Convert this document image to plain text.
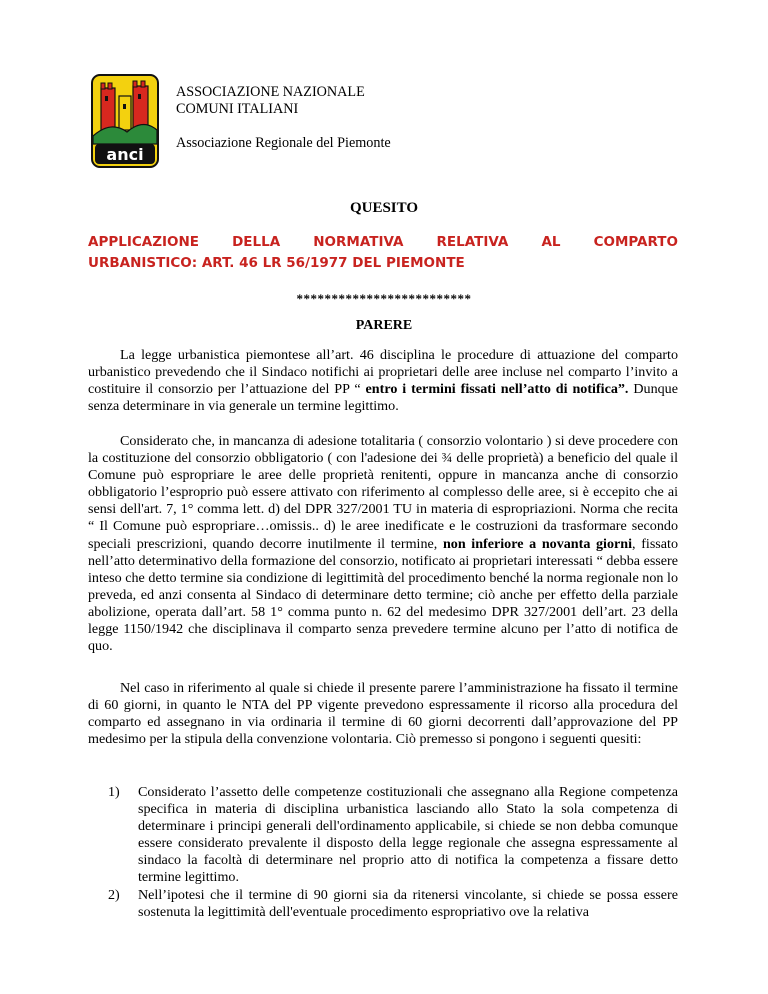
anci
ASSOCIAZIONE NAZIONALE
COMUNI ITALIANI
Associazione Regionale del Piemonte
QUESITO
APPLICAZIONE DELLA NORMATIVA RELATIVA AL COMPARTO
URBANISTICO: ART. 46 LR 56/1977 DEL PIEMONTE
*************************
PARERE

La legge urbanistica piemontese all’art. 46 disciplina le procedure di attuazione del comparto urbanistico prevedendo che il Sindaco notifichi ai proprietari delle aree incluse nel comparto l’invito a costituire il consorzio per l’attuazione del PP “ entro i termini fissati nell’atto di notifica”. Dunque senza determinare in via generale un termine legittimo.

Considerato che, in mancanza di adesione totalitaria ( consorzio volontario ) si deve procedere con la costituzione del consorzio obbligatorio ( con l'adesione dei ¾ delle proprietà) a beneficio del quale il Comune può espropriare le aree delle proprietà renitenti, oppure in mancanza anche di consorzio obbligatorio l’esproprio può essere attivato con riferimento al complesso delle aree, si è eccepito che ai sensi dell'art. 7, 1° comma lett. d) del DPR 327/2001 TU in materia di espropriazioni. Norma che recita “ Il Comune può espropriare…omissis.. d) le aree inedificate e le costruzioni da trasformare secondo speciali prescrizioni, quando decorre inutilmente il termine, non inferiore a novanta giorni, fissato nell’atto determinativo della formazione del consorzio, notificato ai proprietari interessati “ debba essere inteso che detto termine sia condizione di legittimità del procedimento benché la norma regionale non lo preveda, ed anzi consenta al Sindaco di determinare detto termine; ciò anche per effetto della parziale abolizione, operata dall’art. 58 1° comma punto n. 62 del medesimo DPR 327/2001 dell’art. 23 della legge 1150/1942 che disciplinava il comparto senza prevedere termine alcuno per l’atto di notifica de quo.

Nel caso in riferimento al quale si chiede il presente parere l’amministrazione ha fissato il termine di 60 giorni, in quanto le NTA del PP vigente prevedono espressamente il ricorso alla procedura del comparto ed assegnano in via ordinaria il termine di 60 giorni decorrenti dall’approvazione del PP medesimo per la stipula della convenzione volontaria. Ciò premesso si pongono i seguenti quesiti:

1) Considerato l’assetto delle competenze costituzionali che assegnano alla Regione competenza specifica in materia di disciplina urbanistica lasciando allo Stato la sola competenza di determinare i principi generali dell'ordinamento applicabile, si chiede se non debba comunque essere considerato prevalente il disposto della legge regionale che assegna espressamente al sindaco la facoltà di determinare nel proprio atto di notifica la competenza a fissare detto termine legittimo.
2) Nell’ipotesi che il termine di 90 giorni sia da ritenersi vincolante, si chiede se possa essere sostenuta la legittimità dell'eventuale procedimento espropriativo ove la relativa
